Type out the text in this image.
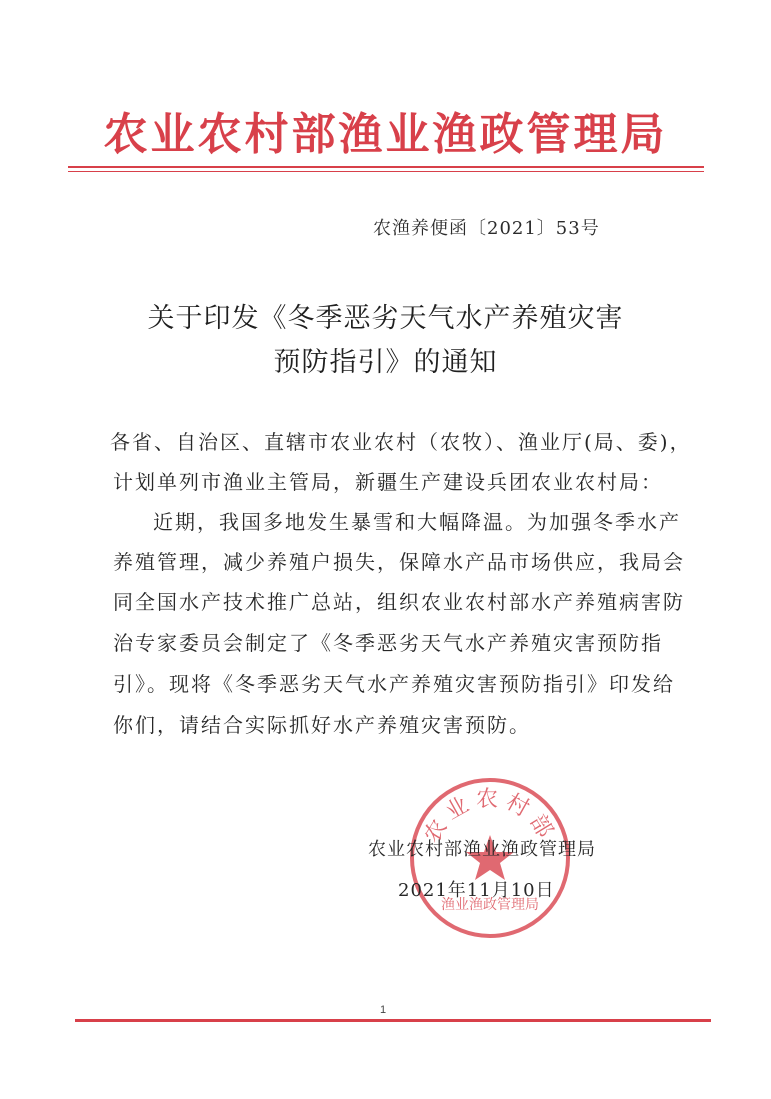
农业农村部渔业渔政管理局
农渔养便函〔2021〕53号
关于印发《冬季恶劣天气水产养殖灾害
预防指引》的通知
各省、自治区、直辖市农业农村（农牧）、渔业厅(局、委)，
计划单列市渔业主管局，新疆生产建设兵团农业农村局：
近期，我国多地发生暴雪和大幅降温。为加强冬季水产
养殖管理，减少养殖户损失，保障水产品市场供应，我局会
同全国水产技术推广总站，组织农业农村部水产养殖病害防
治专家委员会制定了《冬季恶劣天气水产养殖灾害预防指
引》。现将《冬季恶劣天气水产养殖灾害预防指引》印发给
你们，请结合实际抓好水产养殖灾害预防。
农业农村部
渔业渔政管理局
农业农村部渔业渔政管理局
2021年11月10日
1
